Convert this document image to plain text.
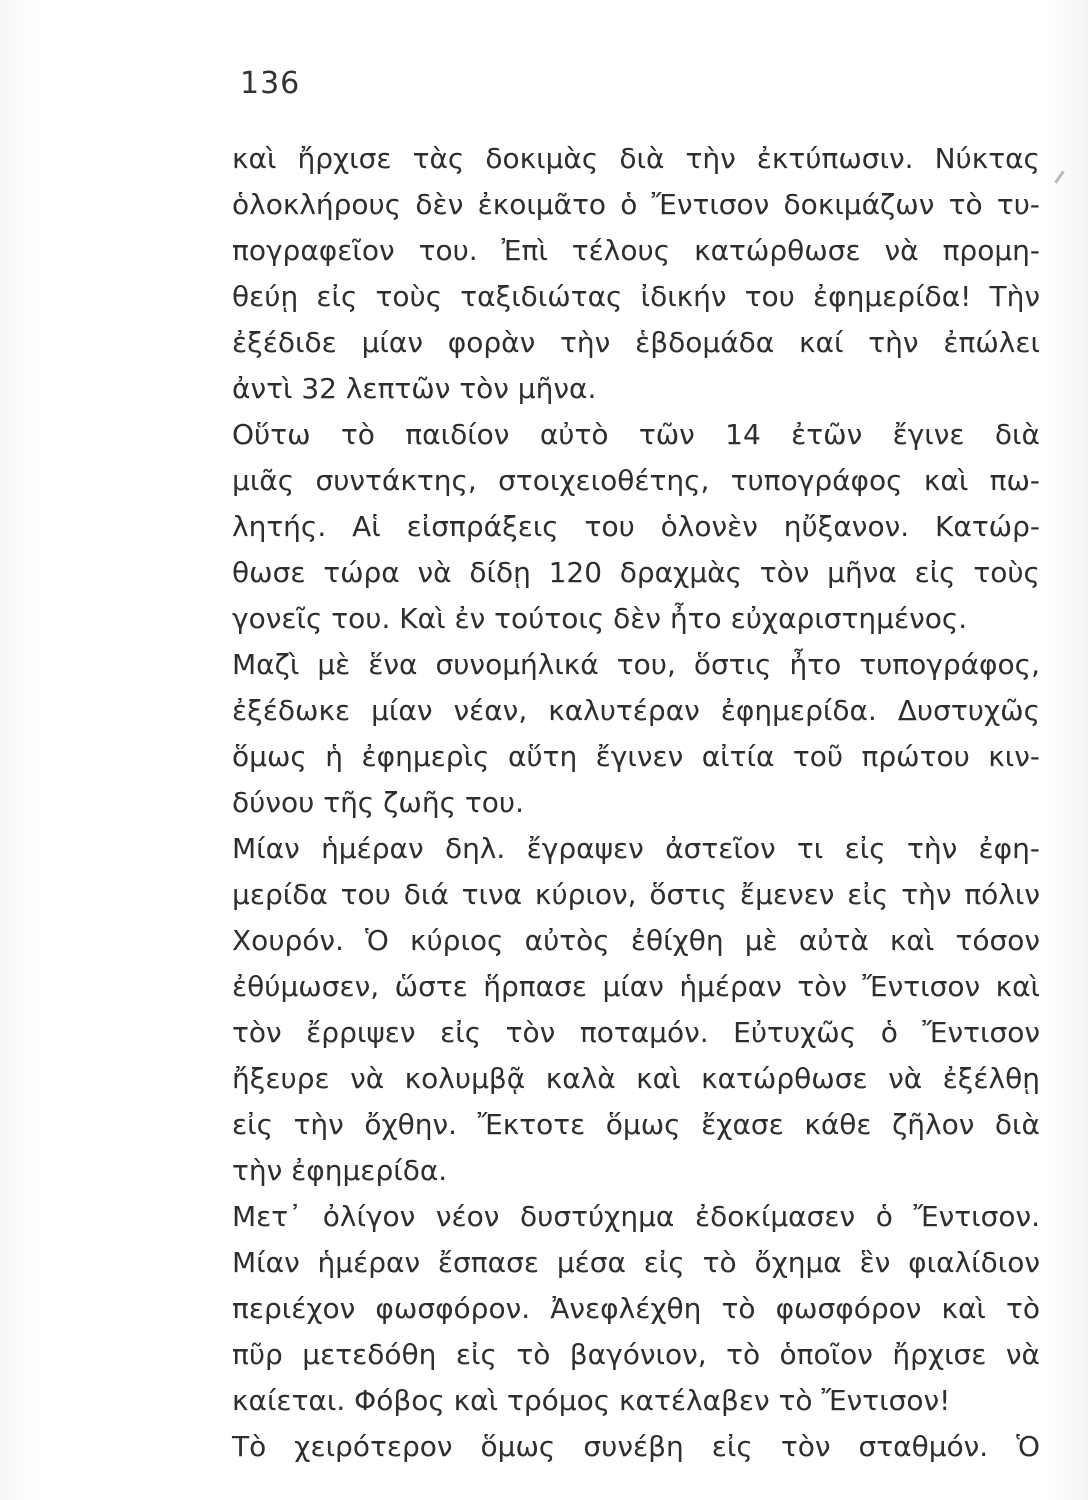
136
καὶ ἤρχισε τὰς δοκιμὰς διὰ τὴν ἐκτύπωσιν. Νύκτας
ὁλοκλήρους δὲν ἐκοιμᾶτο ὁ Ἔντισον δοκιμάζων τὸ τυ-
πογραφεῖον του. Ἐπὶ τέλους κατώρθωσε νὰ προμη-
θεύῃ εἰς τοὺς ταξιδιώτας ἰδικήν του ἐφημερίδα! Τὴν
ἐξέδιδε μίαν φορὰν τὴν ἑβδομάδα καί τὴν ἐπώλει
ἀντὶ 32 λεπτῶν τὸν μῆνα.
Οὕτω τὸ παιδίον αὐτὸ τῶν 14 ἐτῶν ἔγινε διὰ
μιᾶς συντάκτης, στοιχειοθέτης, τυπογράφος καὶ πω-
λητής. Αἱ εἰσπράξεις του ὁλονὲν ηὔξανον. Κατώρ-
θωσε τώρα νὰ δίδῃ 120 δραχμὰς τὸν μῆνα εἰς τοὺς
γονεῖς του. Καὶ ἐν τούτοις δὲν ἦτο εὐχαριστημένος.
Μαζὶ μὲ ἕνα συνομήλικά του, ὅστις ἦτο τυπογράφος,
ἐξέδωκε μίαν νέαν, καλυτέραν ἐφημερίδα. Δυστυχῶς
ὅμως ἡ ἐφημερὶς αὕτη ἔγινεν αἰτία τοῦ πρώτου κιν-
δύνου τῆς ζωῆς του.
Μίαν ἡμέραν δηλ. ἔγραψεν ἀστεῖον τι εἰς τὴν ἐφη-
μερίδα του διά τινα κύριον, ὅστις ἔμενεν εἰς τὴν πόλιν
Χουρόν. Ὁ κύριος αὐτὸς ἐθίχθη μὲ αὐτὰ καὶ τόσον
ἐθύμωσεν, ὥστε ἥρπασε μίαν ἡμέραν τὸν Ἔντισον καὶ
τὸν ἔρριψεν εἰς τὸν ποταμόν. Εὐτυχῶς ὁ Ἔντισον
ἤξευρε νὰ κολυμβᾷ καλὰ καὶ κατώρθωσε νὰ ἐξέλθῃ
εἰς τὴν ὄχθην. Ἔκτοτε ὅμως ἔχασε κάθε ζῆλον διὰ
τὴν ἐφημερίδα.
Μετ᾽ ὀλίγον νέον δυστύχημα ἐδοκίμασεν ὁ Ἔντισον.
Μίαν ἡμέραν ἔσπασε μέσα εἰς τὸ ὄχημα ἓν φιαλίδιον
περιέχον φωσφόρον. Ἀνεφλέχθη τὸ φωσφόρον καὶ τὸ
πῦρ μετεδόθη εἰς τὸ βαγόνιον, τὸ ὁποῖον ἤρχισε νὰ
καίεται. Φόβος καὶ τρόμος κατέλαβεν τὸ Ἔντισον!
Τὸ χειρότερον ὅμως συνέβη εἰς τὸν σταθμόν. Ὁ
